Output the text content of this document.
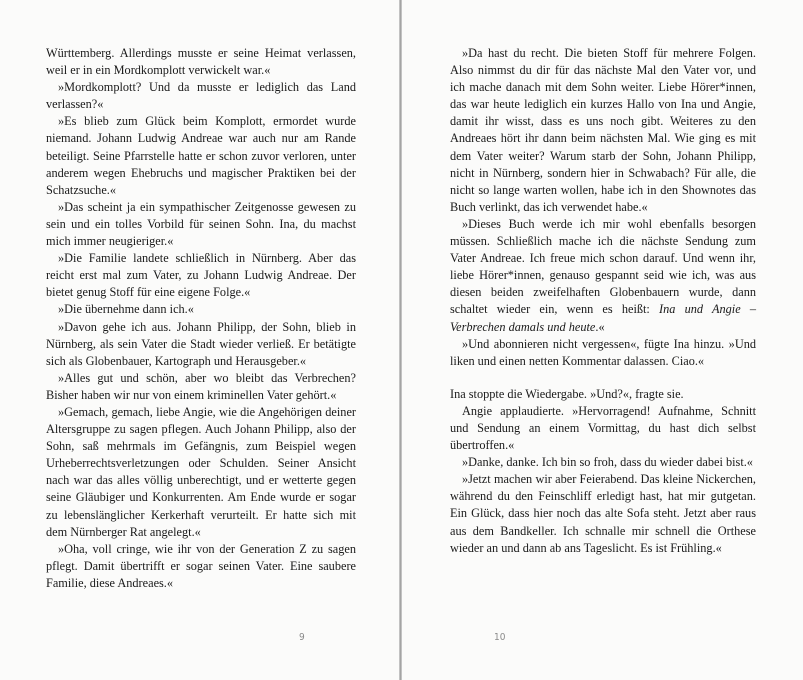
Württemberg. Allerdings musste er seine Heimat verlassen, weil er in ein Mordkomplott verwickelt war.«

»Mordkomplott? Und da musste er lediglich das Land verlassen?«

»Es blieb zum Glück beim Komplott, ermordet wurde niemand. Johann Ludwig Andreae war auch nur am Rande beteiligt. Seine Pfarrstelle hatte er schon zuvor verloren, unter anderem wegen Ehebruchs und magischer Praktiken bei der Schatzsuche.«

»Das scheint ja ein sympathischer Zeitgenosse gewesen zu sein und ein tolles Vorbild für seinen Sohn. Ina, du machst mich immer neugieriger.«

»Die Familie landete schließlich in Nürnberg. Aber das reicht erst mal zum Vater, zu Johann Ludwig Andreae. Der bietet genug Stoff für eine eigene Folge.«

»Die übernehme dann ich.«

»Davon gehe ich aus. Johann Philipp, der Sohn, blieb in Nürnberg, als sein Vater die Stadt wieder verließ. Er betätigte sich als Globenbauer, Kartograph und Herausgeber.«

»Alles gut und schön, aber wo bleibt das Verbrechen? Bisher haben wir nur von einem kriminellen Vater gehört.«

»Gemach, gemach, liebe Angie, wie die Angehörigen deiner Altersgruppe zu sagen pflegen. Auch Johann Philipp, also der Sohn, saß mehrmals im Gefängnis, zum Beispiel wegen Urheberrechtsverletzungen oder Schulden. Seiner Ansicht nach war das alles völlig unberechtigt, und er wetterte gegen seine Gläubiger und Konkurrenten. Am Ende wurde er sogar zu lebenslänglicher Kerkerhaft verurteilt. Er hatte sich mit dem Nürnberger Rat angelegt.«

»Oha, voll cringe, wie ihr von der Generation Z zu sagen pflegt. Damit übertrifft er sogar seinen Vater. Eine saubere Familie, diese Andreaes.«

9

»Da hast du recht. Die bieten Stoff für mehrere Folgen. Also nimmst du dir für das nächste Mal den Vater vor, und ich mache danach mit dem Sohn weiter. Liebe Hörer*innen, das war heute lediglich ein kurzes Hallo von Ina und Angie, damit ihr wisst, dass es uns noch gibt. Weiteres zu den Andreaes hört ihr dann beim nächsten Mal. Wie ging es mit dem Vater weiter? Warum starb der Sohn, Johann Philipp, nicht in Nürnberg, sondern hier in Schwabach? Für alle, die nicht so lange warten wollen, habe ich in den Shownotes das Buch verlinkt, das ich verwendet habe.«

»Dieses Buch werde ich mir wohl ebenfalls besorgen müssen. Schließlich mache ich die nächste Sendung zum Vater Andreae. Ich freue mich schon darauf. Und wenn ihr, liebe Hörer*innen, genauso gespannt seid wie ich, was aus diesen beiden zweifelhaften Globenbauern wurde, dann schaltet wieder ein, wenn es heißt: Ina und Angie – Verbrechen damals und heute.«

»Und abonnieren nicht vergessen«, fügte Ina hinzu. »Und liken und einen netten Kommentar dalassen. Ciao.«

Ina stoppte die Wiedergabe. »Und?«, fragte sie.

Angie applaudierte. »Hervorragend! Aufnahme, Schnitt und Sendung an einem Vormittag, du hast dich selbst übertroffen.«

»Danke, danke. Ich bin so froh, dass du wieder dabei bist.«

»Jetzt machen wir aber Feierabend. Das kleine Nickerchen, während du den Feinschliff erledigt hast, hat mir gutgetan. Ein Glück, dass hier noch das alte Sofa steht. Jetzt aber raus aus dem Bandkeller. Ich schnalle mir schnell die Orthese wieder an und dann ab ans Tageslicht. Es ist Frühling.«

10
